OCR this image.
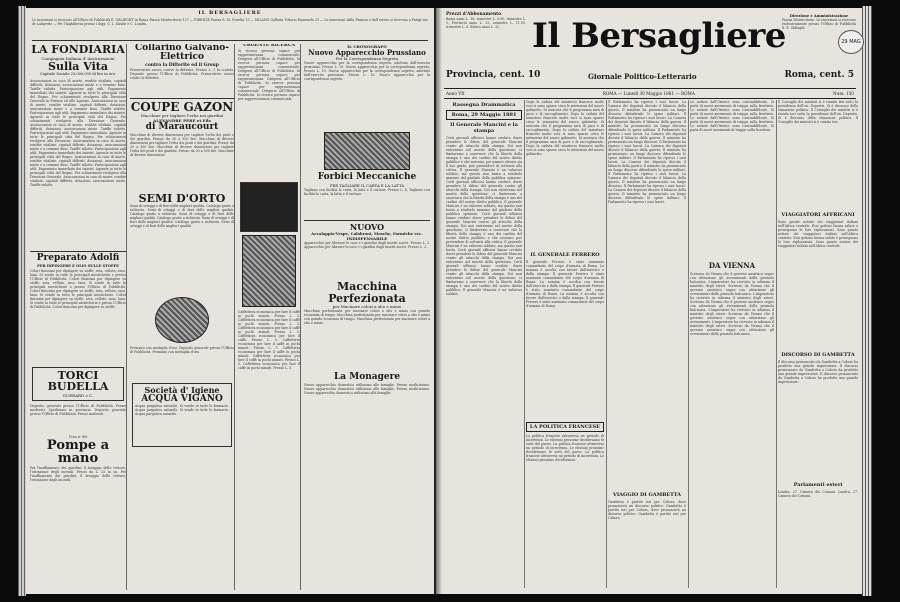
IL BERSAGLIERE
Le inserzioni si ricevono all'Ufficio di Pubblicità E. OBLIEGHT in Roma Piazza Montecitorio 127 — FIRENZE Piazza S. M. Novella 13 — MILANO Galleria Vittorio Emanuele 25 — Le inserzioni dalla Francia e dall'estero si ricevono a Parigi rue de Lafayette — Per l'Inghilterra presso i Sigg. G. L. Daube e C. Londra.
LA FONDIARIA
Compagnia Italiana d' Assicurazioni
Sulla Vita
Capitale Sociale 25,000,000 di lire in oro.
Assicurazioni in caso di morte, rendite vitalizie, capitali differiti, dotazioni, assicurazioni miste e a termine fisso. Tariffe ridotte. Partecipazione agli utili. Pagamento immediato dei sinistri. Agenzie in tutte le principali città del Regno. Per schiarimenti rivolgersi alla Direzione Generale in Firenze ed alle Agenzie. Assicurazioni in caso di morte, rendite vitalizie, capitali differiti, dotazioni, assicurazioni miste e a termine fisso. Tariffe ridotte. Partecipazione agli utili. Pagamento immediato dei sinistri. Agenzie in tutte le principali città del Regno. Per schiarimenti rivolgersi alla Direzione Generale. Assicurazioni in caso di morte, rendite vitalizie, capitali differiti, dotazioni, assicurazioni miste. Tariffe ridotte. Partecipazione agli utili. Pagamento immediato. Agenzie in tutte le principali città del Regno. Per schiarimenti rivolgersi alla Direzione. Assicurazioni in caso di morte, rendite vitalizie, capitali differiti, dotazioni, assicurazioni miste e a termine fisso. Tariffe ridotte. Partecipazione agli utili. Pagamento immediato dei sinistri. Agenzie in tutte le principali città del Regno. Assicurazioni in caso di morte, rendite vitalizie, capitali differiti, dotazioni, assicurazioni miste e a termine fisso. Tariffe ridotte. Partecipazione agli utili. Pagamento immediato dei sinistri. Agenzie in tutte le principali città del Regno. Per schiarimenti rivolgersi alla Direzione Generale. Assicurazioni in caso di morte, rendite vitalizie, capitali differiti, dotazioni, assicurazioni miste. Tariffe ridotte.
Preparato Adolfi
PER DIPINGERE E OLIO SULLE STOFFE
Colori finissimi per dipingere su stoffe, seta, velluto, raso, lana. Si vende in tutte le principali mesticherie e presso l'Ufficio di Pubblicità. Colori finissimi per dipingere su stoffe, seta, velluto, raso, lana. Si vende in tutte le principali mesticherie e presso l'Ufficio di Pubblicità. Colori finissimi per dipingere su stoffe, seta, velluto, raso, lana. Si vende in tutte le principali mesticherie. Colori finissimi per dipingere su stoffe, seta, velluto, raso, lana. Si vende in tutte le principali mesticherie e presso l'Ufficio di Pubblicità. Colori finissimi per dipingere su stoffe.
TORCI BUDELLA
GUERARD e C.
Deposito generale presso l'Ufficio di Pubblicità. Prezzi moderati. Spedizione in provincia. Deposito generale presso l'Ufficio di Pubblicità. Prezzi moderati.
Uso e 90
Pompe a mano
Per l'inaffiamento dei giardini, il lavaggio delle vetture, l'estinzione degli incendi. Prezzi da L. 25 in su. Per l'inaffiamento dei giardini, il lavaggio delle vetture, l'estinzione degli incendi.
Collarino Galvano-Elettrico
contro la Difterite ed il Group
Preservativo sicuro contro la difterite. Prezzo L. 3 la scatola. Deposito presso l'Ufficio di Pubblicità. Preservativo sicuro contro la difterite.
COUPE GAZON
Macchine per tagliare l'erba nei giardini
ALEXANDRE PERE et Fils
di Maraucourt
Macchine di diverse dimensioni per tagliare l'erba dei prati e dei giardini. Prezzi: da 30 a 300 lire. Macchine di diverse dimensioni per tagliare l'erba dei prati e dei giardini. Prezzi: da 30 a 300 lire. Macchine di diverse dimensioni per tagliare l'erba dei prati e dei giardini. Prezzi: da 30 a 300 lire. Macchine di diverse dimensioni.
SEMI D'ORTO
Semi di ortaggi e di fiori delle migliori qualità. Catalogo gratis a richiesta. Semi di ortaggi e di fiori delle migliori qualità. Catalogo gratis a richiesta. Semi di ortaggi e di fiori delle migliori qualità. Catalogo gratis a richiesta. Semi di ortaggi e di fiori delle migliori qualità. Catalogo gratis a richiesta. Semi di ortaggi e di fiori delle migliori qualità.
Premiato con medaglia d'oro. Deposito generale presso l'Ufficio di Pubblicità. Premiato con medaglia d'oro.
Società d' Igiene
ACQUA VIGANO
Acqua purgativa naturale. Si vende in tutte le farmacie. Acqua purgativa naturale. Si vende in tutte le farmacie. Acqua purgativa naturale.
URGENTE RICERCA
Si ricerca persona capace per rappresentanza commerciale. Dirigersi all'Ufficio di Pubblicità. Si ricerca persona capace per rappresentanza commerciale. Dirigersi all'Ufficio di Pubblicità. Si ricerca persona capace per rappresentanza. Dirigersi all'Ufficio di Pubblicità. Si ricerca persona capace per rappresentanza commerciale. Dirigersi all'Ufficio di Pubblicità. Si ricerca persona capace per rappresentanza commerciale.
Caffettiera economica per fare il caffè in pochi minuti. Prezzo L. 5. Caffettiera economica per fare il caffè in pochi minuti. Prezzo L. 5. Caffettiera economica per fare il caffè in pochi minuti. Prezzo L. 5. Caffettiera economica per fare il caffè. Prezzo L. 5. Caffettiera economica per fare il caffè in pochi minuti. Prezzo L. 5. Caffettiera economica per fare il caffè in pochi minuti. Caffettiera economica per fare il caffè in pochi minuti. Prezzo L. 5. Caffettiera economica per fare il caffè in pochi minuti. Prezzo L. 5.
IL CRONOGRAFO
Nuovo Apparecchio Prussiano
Per la Corrispondenza Segreta
Nuovo apparecchio per la corrispondenza segreta, adottato dall'esercito prussiano. Prezzo L. 10. Nuovo apparecchio per la corrispondenza segreta. Prezzo L. 10. Nuovo apparecchio per la corrispondenza segreta, adottato dall'esercito prussiano. Prezzo L. 10. Nuovo apparecchio per la corrispondenza segreta.
Forbici Meccaniche
PER TAGLIARE IL CARTA E LA LATTA
Tagliano con facilità la carta, la latta e il cartone. Prezzo L. 4. Tagliano con facilità la carta, la latta e il cartone.
NUOVO
Accalappia-Vespe, Calabroni, Mosche, Formiche ecc.
INDISPENSABILE
Apparecchio per liberare le case e i giardini dagli insetti nocivi. Prezzo L. 2. Apparecchio per liberare le case e i giardini dagli insetti nocivi. Prezzo L. 2.
Macchina Perfezionata
per Macinare colori a olio e minio
Macchina perfezionata per macinare colori a olio e minio con grande economia di tempo. Macchina perfezionata per macinare colori a olio e minio con grande economia di tempo. Macchina perfezionata per macinare colori a olio e minio.
La Monagere
Nuovo apparecchio domestico utilissimo alle famiglie. Prezzo modicissimo. Nuovo apparecchio domestico utilissimo alle famiglie. Prezzo modicissimo. Nuovo apparecchio domestico utilissimo alle famiglie.
Prezzi d'Abbonamento
Roma anno L. 18, semestre L. 9.50, trimestre L. 5. Provincia anno L. 22, semestre L. 11.50, trimestre L. 6. Estero anno L. 32. Il Bersagliere	Direzione e Amministrazione
Piazza Montecitorio. Le inserzioni si ricevono esclusivamente presso l'Ufficio di Pubblicità E. E. Oblieght.
Provincia, cent. 10	Giornale Politico-Letterario	Roma, cent. 5
Anno VII	ROMA — Lunedì 30 Maggio 1881 — ROMA	Num. 150
Rassegna Drammatica
Roma, 29 Maggio 1881
Il Generale Mancini e la stampa
Certi giornali ufficiosi hanno creduto dover prendere le difese del generale Mancini contro gli attacchi della stampa. Noi non entreremo nel merito della questione; ci limiteremo a osservare che la libertà della stampa è uno dei cardini del nostro diritto pubblico e che nessuno, per quanto elevato sia il suo grado, può pretendere di sottrarsi alla critica. Il generale Mancini è un valoroso soldato; ma questo non basta a renderlo immune dal giudizio della pubblica opinione. Certi giornali ufficiosi hanno creduto dover prendere le difese del generale contro gli attacchi della stampa. Noi non entreremo nel merito della questione; ci limiteremo a osservare che la libertà della stampa è uno dei cardini del nostro diritto pubblico. Il generale Mancini è un valoroso soldato; ma questo non basta a renderlo immune dal giudizio della pubblica opinione. Certi giornali ufficiosi hanno creduto dover prendere le difese del generale Mancini contro gli attacchi della stampa. Noi non entreremo nel merito della questione; ci limiteremo a osservare che la libertà della stampa è uno dei cardini del nostro diritto pubblico e che nessuno può pretendere di sottrarsi alla critica. Il generale Mancini è un valoroso soldato; ma questo non basta. Certi giornali ufficiosi hanno creduto dover prendere le difese del generale Mancini contro gli attacchi della stampa. Noi non entreremo nel merito della questione. Certi giornali ufficiosi hanno creduto dover prendere le difese del generale Mancini contro gli attacchi della stampa. Noi non entreremo nel merito della questione; ci limiteremo a osservare che la libertà della stampa è uno dei cardini del nostro diritto pubblico. Il generale Mancini è un valoroso soldato.
Dopo la caduta del ministero francese molte voci si sono sparse circa le intenzioni del nuovo gabinetto. Si assicura che il programma sarà di pace e di raccoglimento. Dopo la caduta del ministero francese molte voci si sono sparse circa le intenzioni del nuovo gabinetto. Si assicura che il programma sarà di pace e di raccoglimento. Dopo la caduta del ministero francese molte voci si sono sparse circa le intenzioni del nuovo gabinetto. Si assicura che il programma sarà di pace e di raccoglimento. Dopo la caduta del ministero francese molte voci si sono sparse circa le intenzioni del nuovo gabinetto.
IL GENERALE FERRERO
Il generale Ferrero è stato nominato comandante del corpo d'armata di Roma. La nomina è accolta con favore dall'esercito e dalla stampa. Il generale Ferrero è stato nominato comandante del corpo d'armata di Roma. La nomina è accolta con favore dall'esercito e dalla stampa. Il generale Ferrero è stato nominato comandante del corpo d'armata di Roma. La nomina è accolta con favore dall'esercito e dalla stampa. Il generale Ferrero è stato nominato comandante del corpo d'armata di Roma.
LA POLITICA FRANCESE
La politica francese attraversa un periodo di incertezza. Le elezioni prossime decideranno le sorti del paese. La politica francese attraversa un periodo di incertezza. Le elezioni prossime decideranno le sorti del paese. La politica francese attraversa un periodo di incertezza. Le elezioni prossime decideranno.
Il Parlamento ha ripreso i suoi lavori. La Camera dei deputati discute il bilancio della guerra. Il ministro ha pronunciato un lungo discorso difendendo le spese militari. Il Parlamento ha ripreso i suoi lavori. La Camera dei deputati discute il bilancio della guerra. Il ministro ha pronunciato un lungo discorso difendendo le spese militari. Il Parlamento ha ripreso i suoi lavori. La Camera dei deputati discute il bilancio della guerra. Il ministro ha pronunciato un lungo discorso. Il Parlamento ha ripreso i suoi lavori. La Camera dei deputati discute il bilancio della guerra. Il ministro ha pronunciato un lungo discorso difendendo le spese militari. Il Parlamento ha ripreso i suoi lavori. La Camera dei deputati discute il bilancio della guerra. Il ministro ha pronunciato un lungo discorso difendendo le spese militari. Il Parlamento ha ripreso i suoi lavori. La Camera dei deputati discute il bilancio della guerra. Il ministro ha pronunciato un lungo discorso. Il Parlamento ha ripreso i suoi lavori. La Camera dei deputati discute il bilancio della guerra. Il ministro ha pronunciato un lungo discorso difendendo le spese militari. Il Parlamento ha ripreso i suoi lavori.
VIAGGIO DI GAMBETTA
Gambetta è partito ieri per Cahors, dove pronuncerà un discorso politico. Gambetta è partito ieri per Cahors, dove pronuncerà un discorso politico. Gambetta è partito ieri per Cahors.
Le notizie dall'Oriente sono contraddittorie. Si parla di nuovi movimenti di truppe sulla frontiera. Le notizie dall'Oriente sono contraddittorie. Si parla di nuovi movimenti di truppe sulla frontiera. Le notizie dall'Oriente sono contraddittorie. Si parla di nuovi movimenti di truppe sulla frontiera. Le notizie dall'Oriente sono contraddittorie. Si parla di nuovi movimenti di truppe sulla frontiera.
DA VIENNA
Scrivono da Vienna che il governo austriaco segue con attenzione gli avvenimenti della penisola balcanica. L'imperatore ha ricevuto in udienza il ministro degli esteri. Scrivono da Vienna che il governo austriaco segue con attenzione gli avvenimenti della penisola balcanica. L'imperatore ha ricevuto in udienza il ministro degli esteri. Scrivono da Vienna che il governo austriaco segue con attenzione gli avvenimenti della penisola balcanica. L'imperatore ha ricevuto in udienza il ministro degli esteri. Scrivono da Vienna che il governo austriaco segue con attenzione gli avvenimenti. L'imperatore ha ricevuto in udienza il ministro degli esteri. Scrivono da Vienna che il governo austriaco segue con attenzione gli avvenimenti della penisola balcanica.
Il Consiglio dei ministri si è riunito ieri sotto la presidenza dell'on. Depretis. Si è discusso della situazione politica. Il Consiglio dei ministri si è riunito ieri sotto la presidenza dell'on. Depretis. Si è discusso della situazione politica. Il Consiglio dei ministri si è riunito ieri.
VIAGGIATORI AFFRICANI
Sono giunte notizie dei viaggiatori italiani nell'Africa centrale. Essi godono buona salute e proseguono le loro esplorazioni. Sono giunte notizie dei viaggiatori italiani nell'Africa centrale. Essi godono buona salute e proseguono le loro esplorazioni. Sono giunte notizie dei viaggiatori italiani nell'Africa centrale.
DISCORSO DI GAMBETTA
Il discorso pronunciato da Gambetta a Cahors ha prodotto una grande impressione. Il discorso pronunciato da Gambetta a Cahors ha prodotto una grande impressione. Il discorso pronunciato da Gambetta a Cahors ha prodotto una grande impressione.
Parlamenti esteri
Londra, 27. Camera dei Comuni. Londra, 27. Camera dei Comuni.
29 MAG
